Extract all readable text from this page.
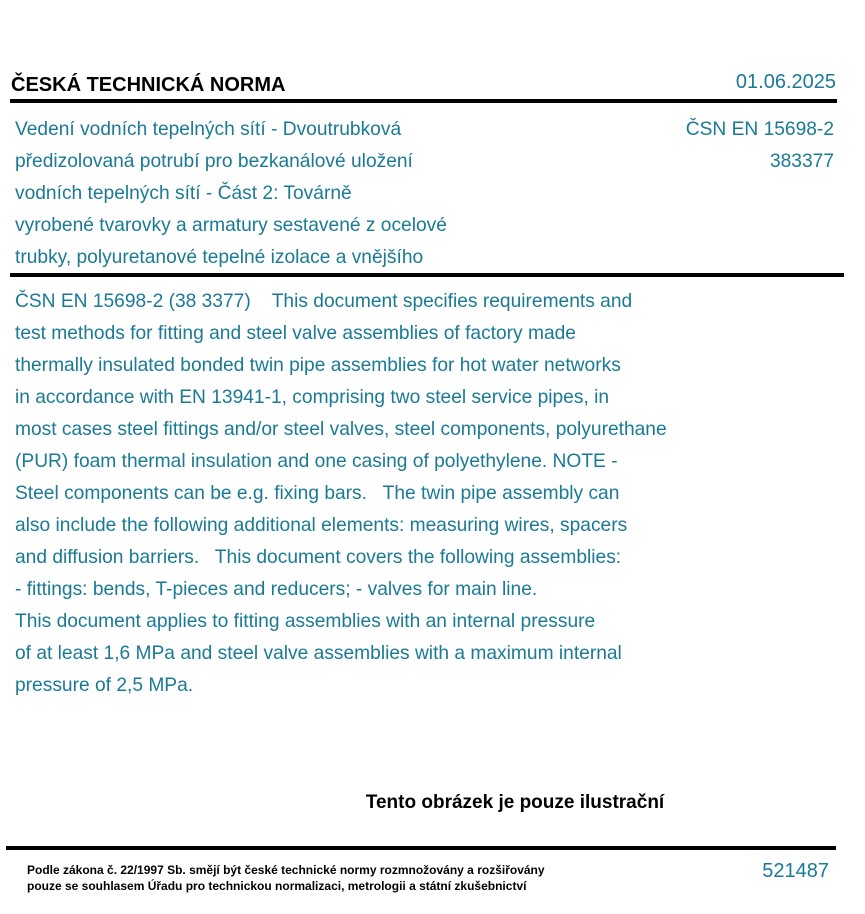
ČESKÁ TECHNICKÁ NORMA	01.06.2025
Vedení vodních tepelných sítí - Dvoutrubková
předizolovaná potrubí pro bezkanálové uložení
vodních tepelných sítí - Část 2: Továrně
vyrobené tvarovky a armatury sestavené z ocelové
trubky, polyuretanové tepelné izolace a vnějšího
ČSN EN 15698-2
383377
ČSN EN 15698-2 (38 3377)    This document specifies requirements and
test methods for fitting and steel valve assemblies of factory made
thermally insulated bonded twin pipe assemblies for hot water networks
in accordance with EN 13941-1, comprising two steel service pipes, in
most cases steel fittings and/or steel valves, steel components, polyurethane
(PUR) foam thermal insulation and one casing of polyethylene. NOTE -
Steel components can be e.g. fixing bars.   The twin pipe assembly can
also include the following additional elements: measuring wires, spacers
and diffusion barriers.   This document covers the following assemblies:
- fittings: bends, T-pieces and reducers; - valves for main line.
This document applies to fitting assemblies with an internal pressure
of at least 1,6 MPa and steel valve assemblies with a maximum internal
pressure of 2,5 MPa.
Tento obrázek je pouze ilustrační
Podle zákona č. 22/1997 Sb. smějí být české technické normy rozmnožovány a rozšiřovány
pouze se souhlasem Úřadu pro technickou normalizaci, metrologii a státní zkušebnictví
521487
